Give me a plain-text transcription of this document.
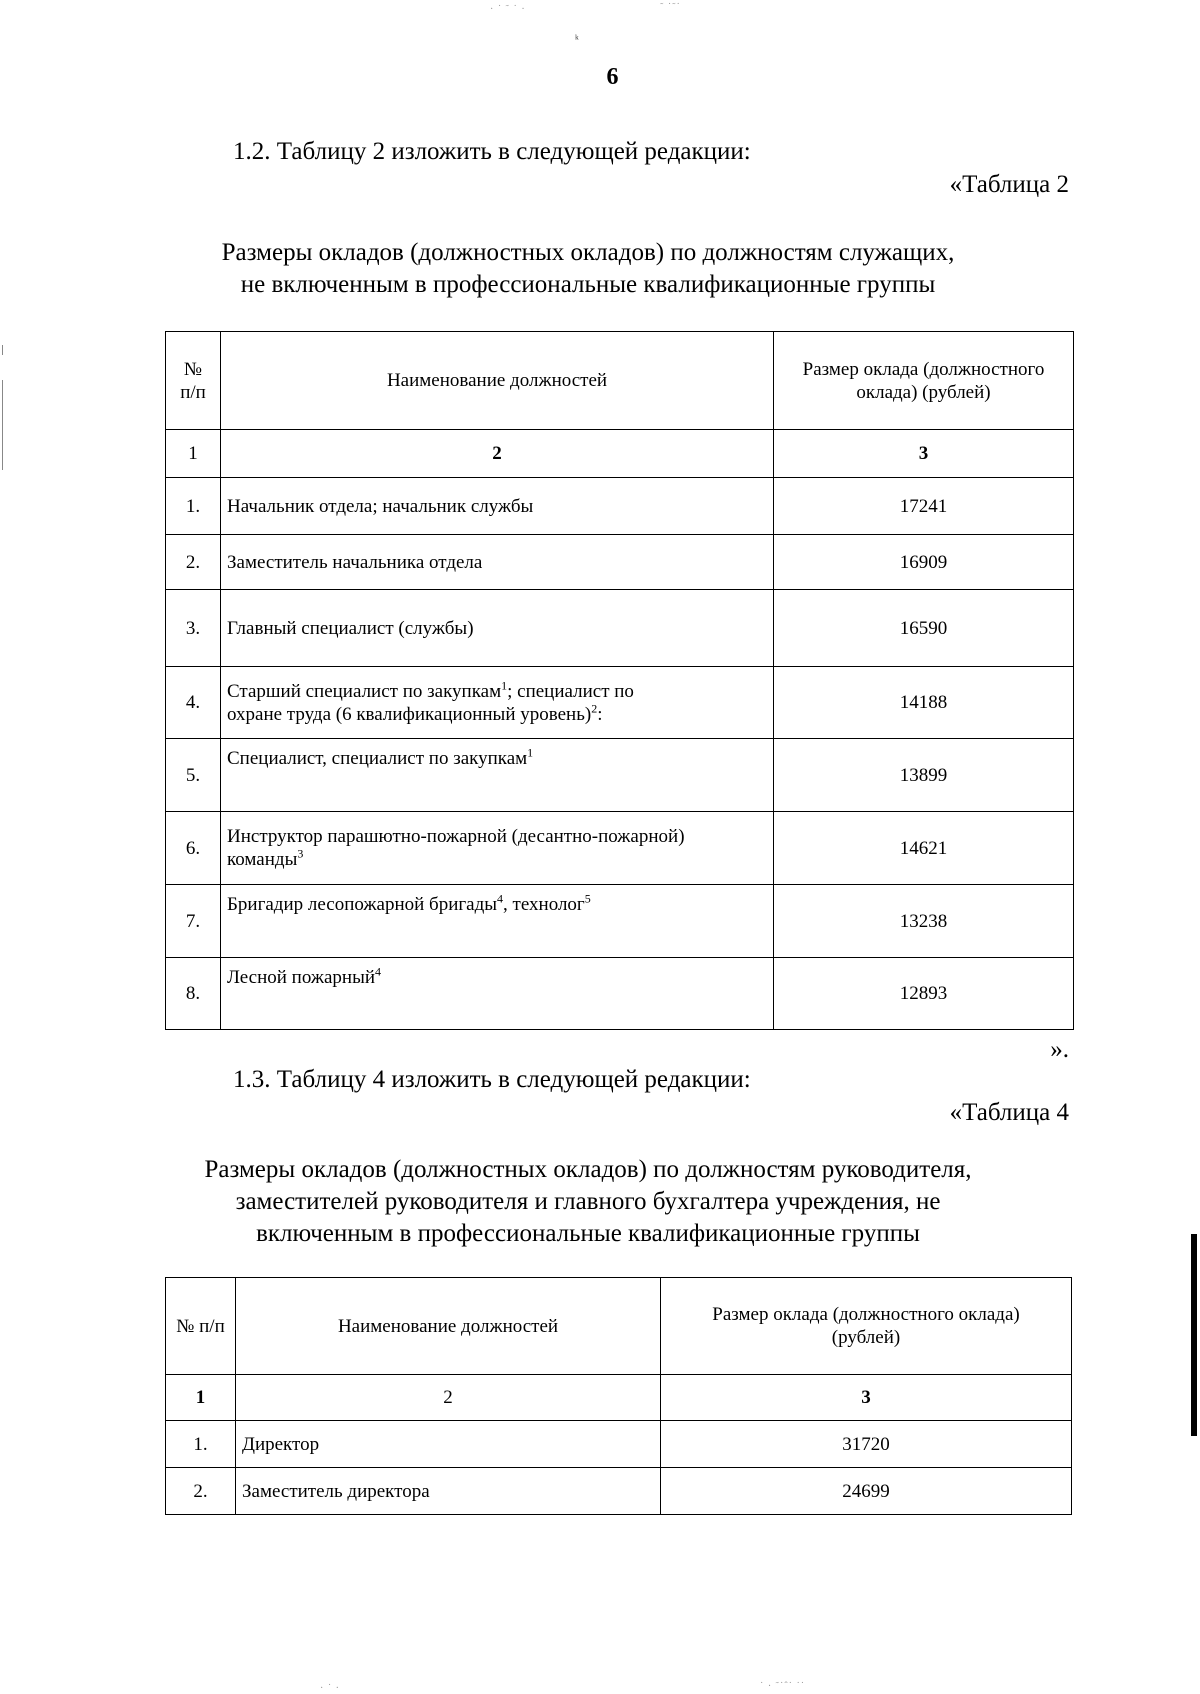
· ˙ ˜ ˙ ·	˜ ˙˜˙
ᵏ
· ˙ ·	˙ · ˜˙ˆ˙ ˙˙
6
1.2. Таблицу 2 изложить в следующей редакции:
«Таблица 2
Размеры окладов (должностных окладов) по должностям служащих,
не включенным в профессиональные квалификационные группы
№
п/п	Наименование должностей	Размер оклада (должностного
оклада) (рублей)
1	2	3
1.	Начальник отдела; начальник службы	17241
2.	Заместитель начальника отдела	16909
3.	Главный специалист (службы)	16590
4.	Старший специалист по закупкам$^1$; специалист по
охране труда (6 квалификационный уровень)$^2$:	14188
5.	Специалист, специалист по закупкам$^1$	13899
6.	Инструктор парашютно-пожарной (десантно-пожарной)
команды$^3$	14621
7.	Бригадир лесопожарной бригады$^4$, технолог$^5$	13238
8.	Лесной пожарный$^4$	12893
».
1.3. Таблицу 4 изложить в следующей редакции:
«Таблица 4
Размеры окладов (должностных окладов) по должностям руководителя,
заместителей руководителя и главного бухгалтера учреждения, не
включенным в профессиональные квалификационные группы
№ п/п	Наименование должностей	Размер оклада (должностного оклада)
(рублей)
1	2	3
1.	Директор	31720
2.	Заместитель директора	24699
